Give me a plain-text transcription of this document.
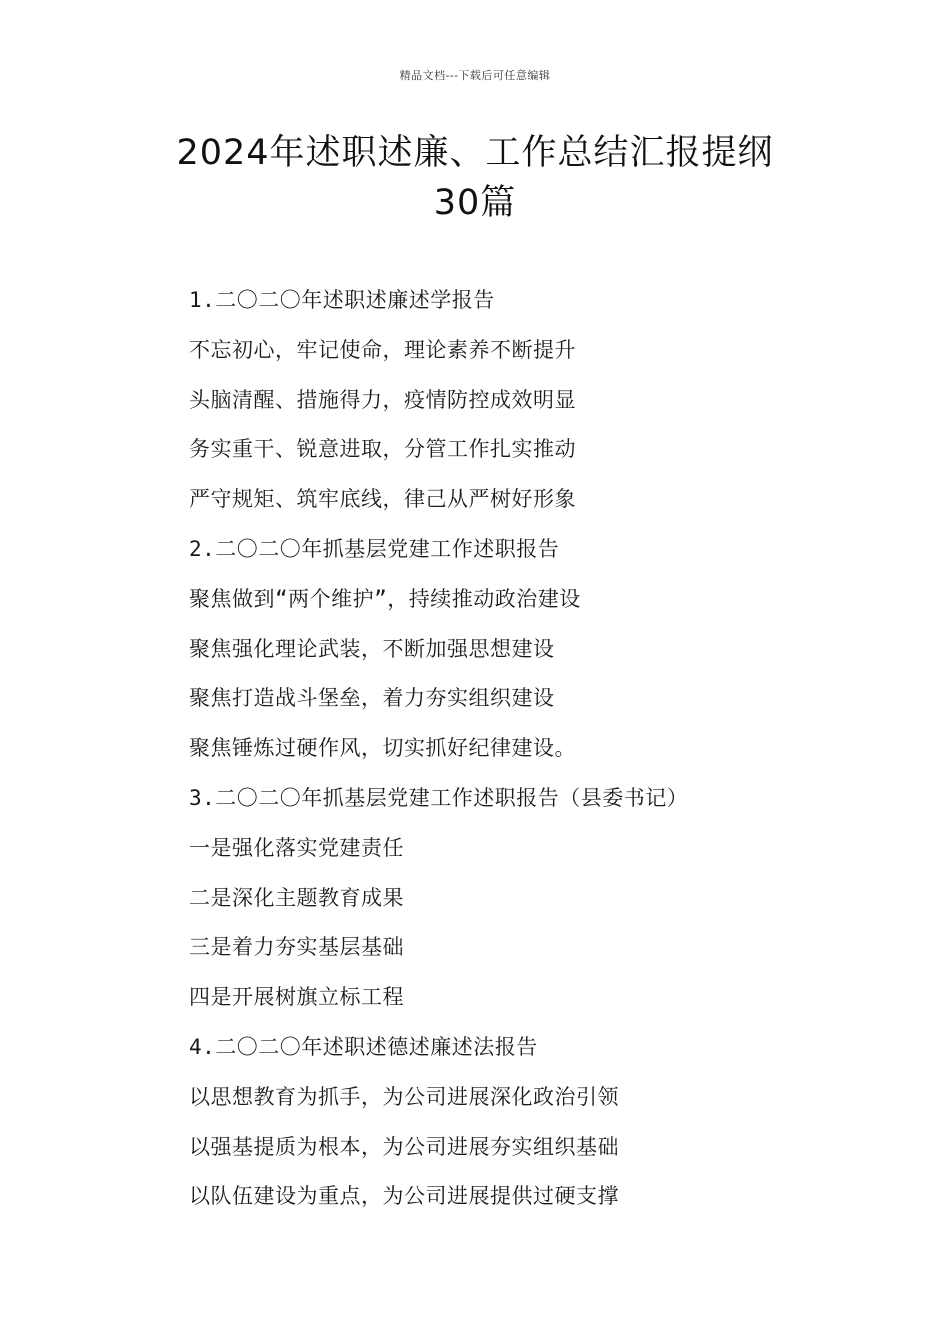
精品文档---下载后可任意编辑
2024年述职述廉、工作总结汇报提纲
30篇
1.二〇二〇年述职述廉述学报告
不忘初心，牢记使命，理论素养不断提升
头脑清醒、措施得力，疫情防控成效明显
务实重干、锐意进取，分管工作扎实推动
严守规矩、筑牢底线，律己从严树好形象
2.二〇二〇年抓基层党建工作述职报告
聚焦做到“两个维护”，持续推动政治建设
聚焦强化理论武装，不断加强思想建设
聚焦打造战斗堡垒，着力夯实组织建设
聚焦锤炼过硬作风，切实抓好纪律建设。
3.二〇二〇年抓基层党建工作述职报告（县委书记）
一是强化落实党建责任
二是深化主题教育成果
三是着力夯实基层基础
四是开展树旗立标工程
4.二〇二〇年述职述德述廉述法报告
以思想教育为抓手，为公司进展深化政治引领
以强基提质为根本，为公司进展夯实组织基础
以队伍建设为重点，为公司进展提供过硬支撑
